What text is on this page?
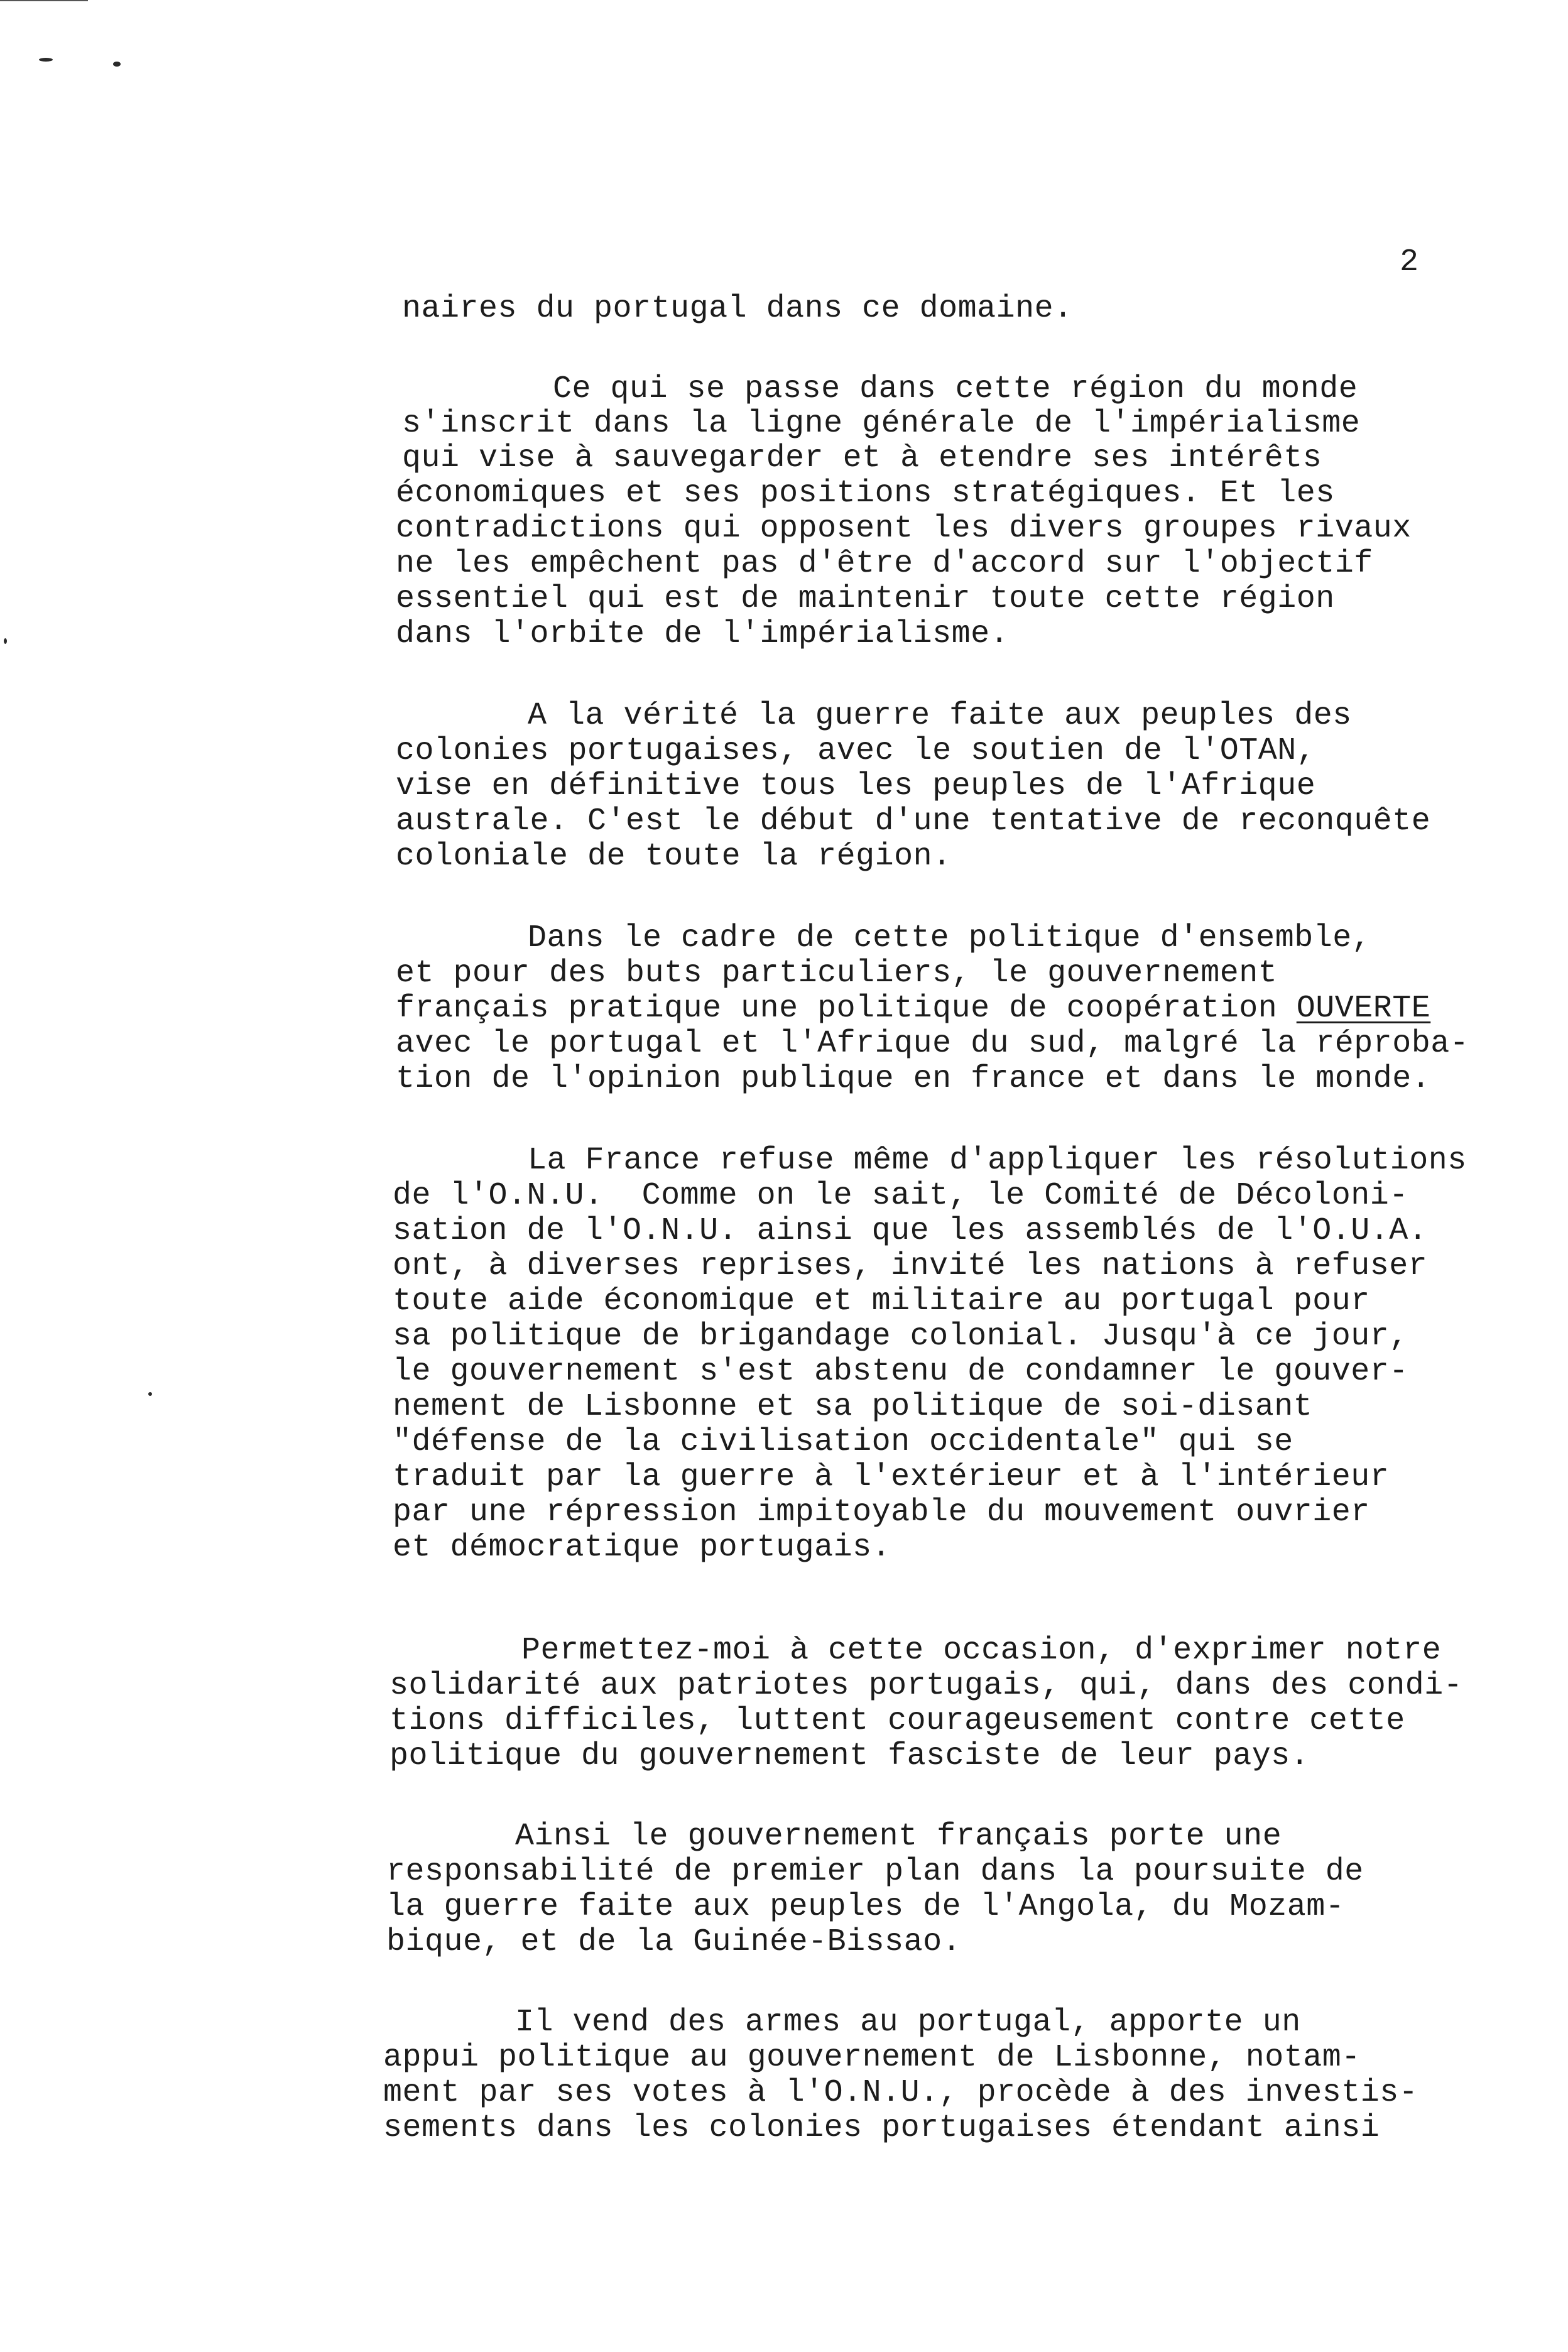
2
naires du portugal dans ce domaine.
Ce qui se passe dans cette région du monde
s'inscrit dans la ligne générale de l'impérialisme
qui vise à sauvegarder et à etendre ses intérêts
économiques et ses positions stratégiques. Et les
contradictions qui opposent les divers groupes rivaux
ne les empêchent pas d'être d'accord sur l'objectif
essentiel qui est de maintenir toute cette région
dans l'orbite de l'impérialisme.
A la vérité la guerre faite aux peuples des
colonies portugaises, avec le soutien de l'OTAN,
vise en définitive tous les peuples de l'Afrique
australe. C'est le début d'une tentative de reconquête
coloniale de toute la région.
Dans le cadre de cette politique d'ensemble,
et pour des buts particuliers, le gouvernement
français pratique une politique de coopération OUVERTE
avec le portugal et l'Afrique du sud, malgré la réproba-
tion de l'opinion publique en france et dans le monde.
La France refuse même d'appliquer les résolutions
de l'O.N.U.  Comme on le sait, le Comité de Décoloni-
sation de l'O.N.U. ainsi que les assemblés de l'O.U.A.
ont, à diverses reprises, invité les nations à refuser
toute aide économique et militaire au portugal pour
sa politique de brigandage colonial. Jusqu'à ce jour,
le gouvernement s'est abstenu de condamner le gouver-
nement de Lisbonne et sa politique de soi-disant
"défense de la civilisation occidentale" qui se
traduit par la guerre à l'extérieur et à l'intérieur
par une répression impitoyable du mouvement ouvrier
et démocratique portugais.
Permettez-moi à cette occasion, d'exprimer notre
solidarité aux patriotes portugais, qui, dans des condi-
tions difficiles, luttent courageusement contre cette
politique du gouvernement fasciste de leur pays.
Ainsi le gouvernement français porte une
responsabilité de premier plan dans la poursuite de
la guerre faite aux peuples de l'Angola, du Mozam-
bique, et de la Guinée-Bissao.
Il vend des armes au portugal, apporte un
appui politique au gouvernement de Lisbonne, notam-
ment par ses votes à l'O.N.U., procède à des investis-
sements dans les colonies portugaises étendant ainsi
